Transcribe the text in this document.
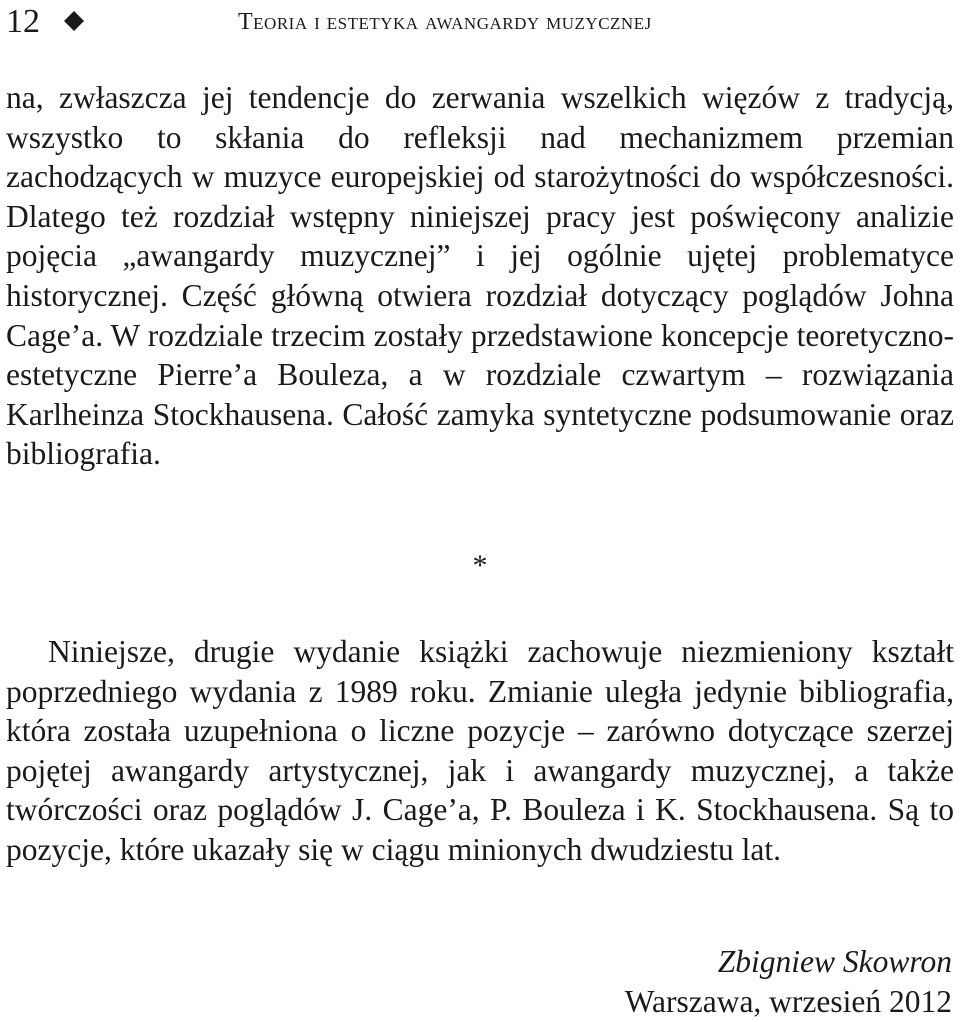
12	Teoria i estetyka awangardy muzycznej
na, zwłaszcza jej tendencje do zerwania wszelkich więzów z tradycją, wszystko to skłania do refleksji nad mechanizmem przemian zachodzących w muzyce europejskiej od starożytności do współczesności. Dlatego też rozdział wstępny niniejszej pracy jest poświęcony analizie pojęcia „awangardy muzycznej” i jej ogólnie ujętej problematyce historycznej. Część główną otwiera rozdział dotyczący poglądów Johna Cage’a. W rozdziale trzecim zostały przedstawione koncepcje teoretyczno-estetyczne Pierre’a Bouleza, a w rozdziale czwartym – rozwiązania Karlheinza Stockhausena. Całość zamyka syntetyczne podsumowanie oraz bibliografia.
*
Niniejsze, drugie wydanie książki zachowuje niezmieniony kształt poprzedniego wydania z 1989 roku. Zmianie uległa jedynie bibliografia, która została uzupełniona o liczne pozycje – zarówno dotyczące szerzej pojętej awangardy artystycznej, jak i awangardy muzycznej, a także twórczości oraz poglądów J. Cage’a, P. Bouleza i K. Stockhausena. Są to pozycje, które ukazały się w ciągu minionych dwudziestu lat.
Zbigniew Skowron
Warszawa, wrzesień 2012
